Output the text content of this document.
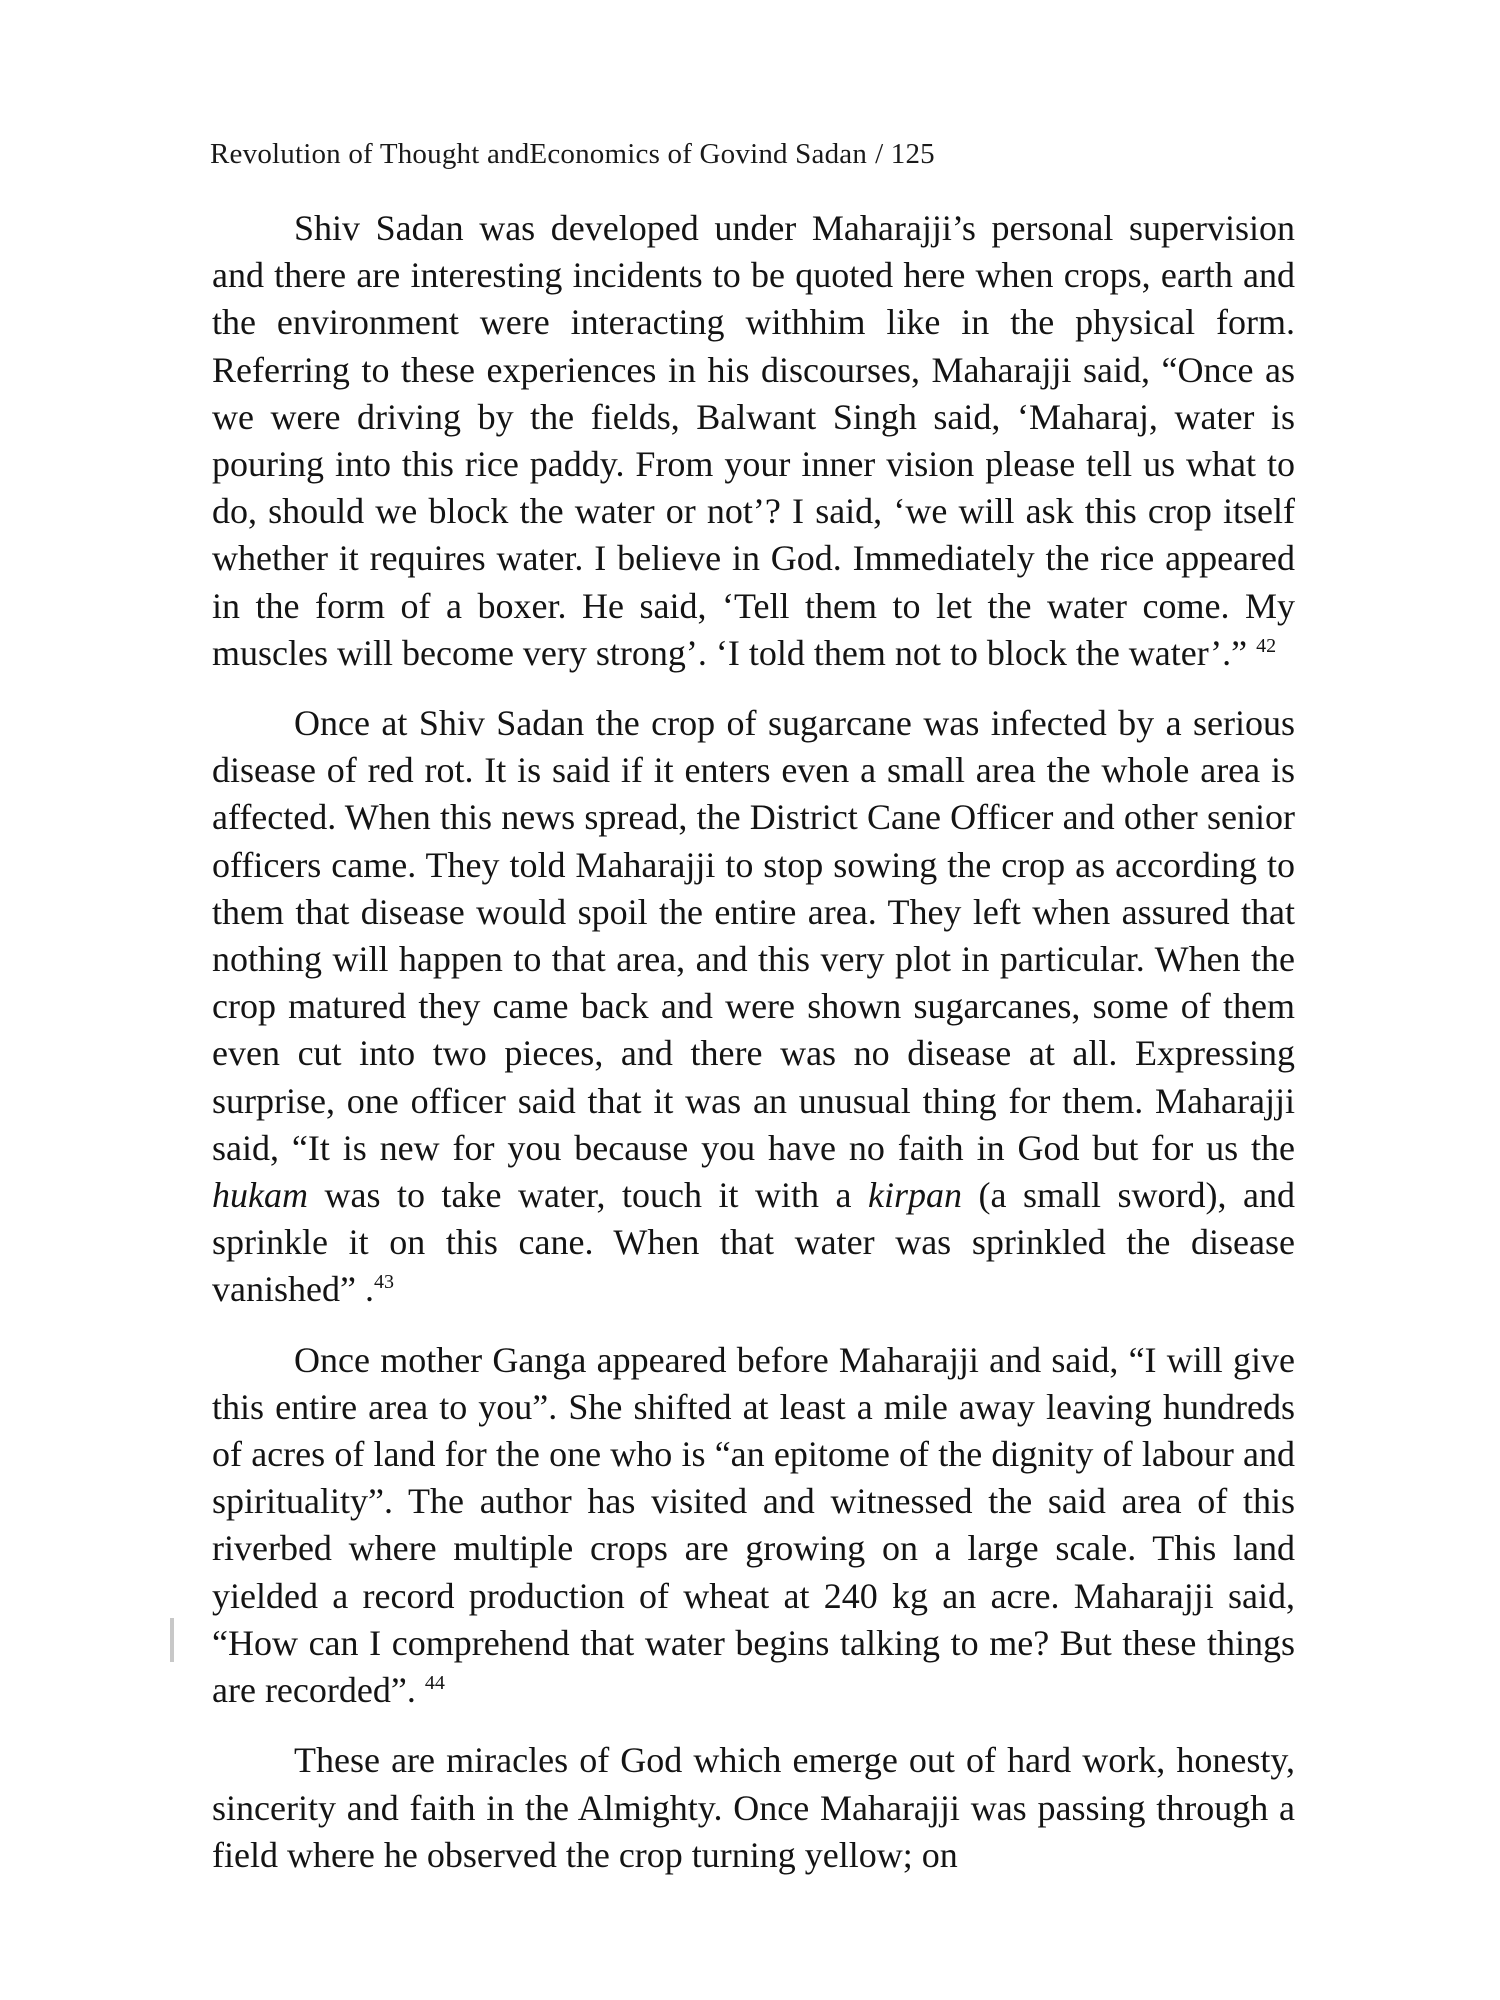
Revolution of Thought andEconomics of Govind Sadan / 125

Shiv Sadan was developed under Maharajji’s personal supervision and there are interesting incidents to be quoted here when crops, earth and the environment were interacting withhim like in the physical form. Referring to these experiences in his discourses, Maharajji said, “Once as we were driving by the fields, Balwant Singh said, ‘Maharaj, water is pouring into this rice paddy. From your inner vision please tell us what to do, should we block the water or not’? I said, ‘we will ask this crop itself whether it requires water. I believe in God. Immediately the rice appeared in the form of a boxer. He said, ‘Tell them to let the water come. My muscles will become very strong’. ‘I told them not to block the water’.” $^{42}$

Once at Shiv Sadan the crop of sugarcane was infected by a serious disease of red rot. It is said if it enters even a small area the whole area is affected. When this news spread, the District Cane Officer and other senior officers came. They told Maharajji to stop sowing the crop as according to them that disease would spoil the entire area. They left when assured that nothing will happen to that area, and this very plot in particular. When the crop matured they came back and were shown sugarcanes, some of them even cut into two pieces, and there was no disease at all. Expressing surprise, one officer said that it was an unusual thing for them. Maharajji said, “It is new for you because you have no faith in God but for us the hukam was to take water, touch it with a kirpan (a small sword), and sprinkle it on this cane. When that water was sprinkled the disease vanished” .$^{43}$

Once mother Ganga appeared before Maharajji and said, “I will give this entire area to you”. She shifted at least a mile away leaving hundreds of acres of land for the one who is “an epitome of the dignity of labour and spirituality”. The author has visited and witnessed the said area of this riverbed where multiple crops are growing on a large scale. This land yielded a record production of wheat at 240 kg an acre. Maharajji said, “How can I comprehend that water begins talking to me? But these things are recorded”. $^{44}$

These are miracles of God which emerge out of hard work, honesty, sincerity and faith in the Almighty. Once Maharajji was passing through a field where he observed the crop turning yellow; on
